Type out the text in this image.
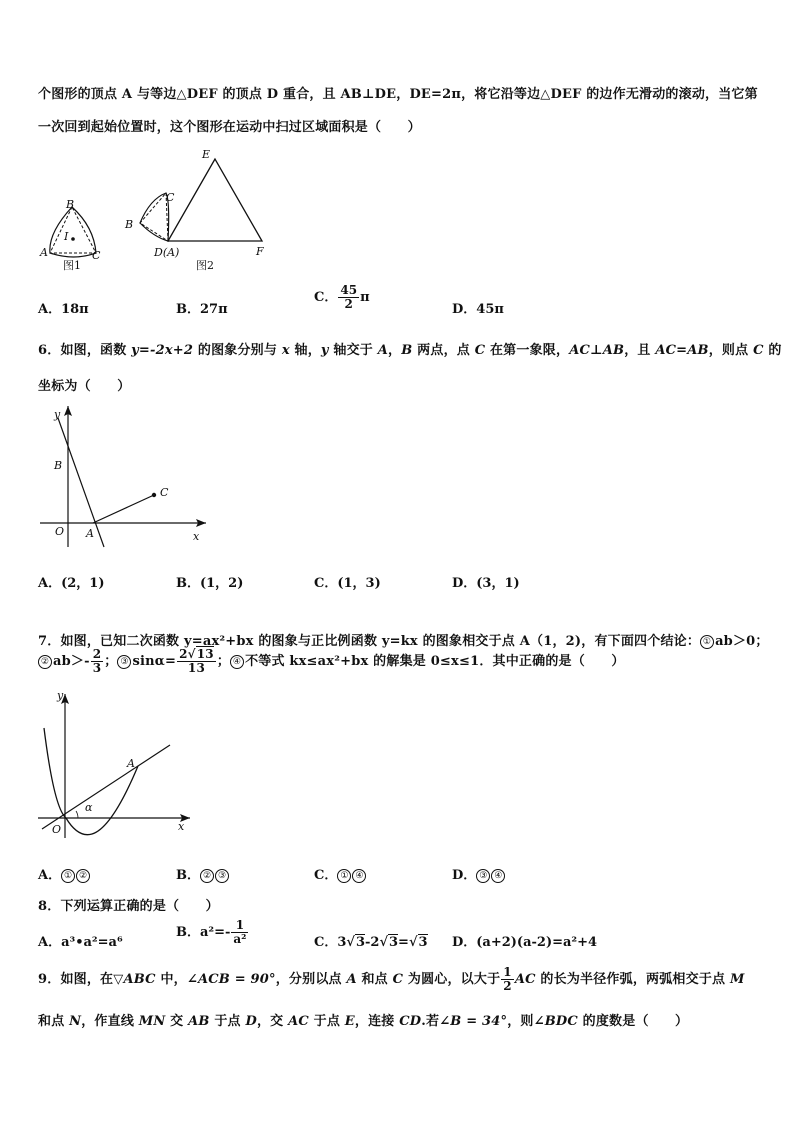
个图形的顶点 A 与等边△DEF 的顶点 D 重合，且 AB⊥DE，DE=2π，将它沿等边△DEF 的边作无滑动的滚动，当它第
一次回到起始位置时，这个图形在运动中扫过区域面积是（　　）
B
I
A	C
图1
E
C
B
D(A)	F
图2
A．18π	B．27π
C． $\frac{45}{2}$ π
D．45π
6．如图，函数 y=-2x+2 的图象分别与 x 轴，y 轴交于 A，B 两点，点 C 在第一象限，AC⊥AB，且 AC=AB，则点 C 的
坐标为（　　）
y
B
C
O A	x
A．(2，1)	B．(1，2)	C．(1，3)	D．(3，1)
7．如图，已知二次函数 y=ax²+bx 的图象与正比例函数 y=kx 的图象相交于点 A（1，2)，有下面四个结论： ① ab＞0；
② $ab>- \frac{2}{3}$ ； ③ $\sin\alpha= \frac{2√13}{13}$ ； ④ 不等式 kx≤ax²+bx 的解集是 0≤x≤1．其中正确的是（　　）
y
A
α
O	x
A． ① ②	B． ② ③	C． ① ④	D． ③ ④
8．下列运算正确的是（　　）
A．a³•a²=a⁶
B．$a^2=- \frac{1}{\text{a²}}$	C．3√3-2√3=√3 D．(a+2)(a-2)=a²+4
9．如图，在▽ABC 中，∠ACB = 90°，分别以点 A 和点 C 为圆心，以大于 $\frac{1}{2}$ AC 的长为半径作弧，两弧相交于点 M
和点 N，作直线 MN 交 AB 于点 D，交 AC 于点 E，连接 CD.若∠B = 34°，则∠BDC 的度数是（　　）
